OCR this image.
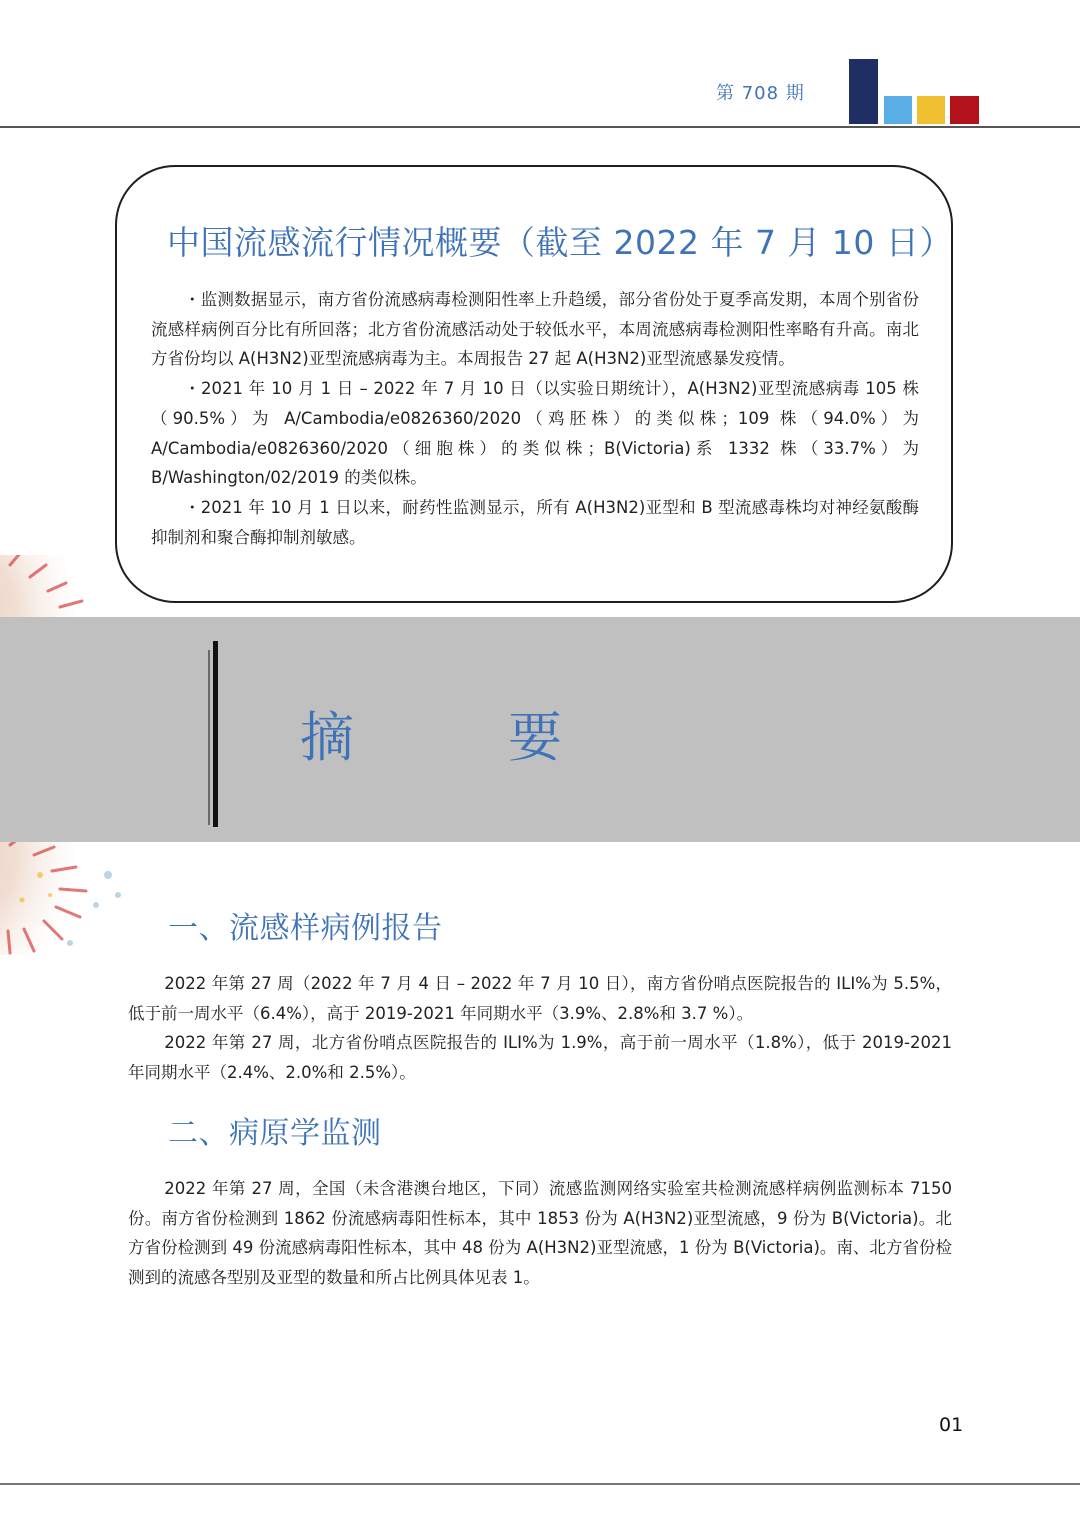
第 708 期
中国流感流行情况概要（截至 2022 年 7 月 10 日）

・监测数据显示，南方省份流感病毒检测阳性率上升趋缓，部分省份处于夏季高发期，本周个别省份流感样病例百分比有所回落；北方省份流感活动处于较低水平，本周流感病毒检测阳性率略有升高。南北方省份均以 A(H3N2)亚型流感病毒为主。本周报告 27 起 A(H3N2)亚型流感暴发疫情。

・2021 年 10 月 1 日 – 2022 年 7 月 10 日（以实验日期统计），A(H3N2)亚型流感病毒 105 株（90.5%）为 A/Cambodia/e0826360/2020（鸡胚株）的类似株；109 株（94.0%）为 A/Cambodia/e0826360/2020（细胞株）的类似株；B(Victoria)系 1332 株（33.7%）为 B/Washington/02/2019 的类似株。

・2021 年 10 月 1 日以来，耐药性监测显示，所有 A(H3N2)亚型和 B 型流感毒株均对神经氨酸酶抑制剂和聚合酶抑制剂敏感。

摘　要
一、流感样病例报告

2022 年第 27 周（2022 年 7 月 4 日 – 2022 年 7 月 10 日），南方省份哨点医院报告的 ILI%为 5.5%，低于前一周水平（6.4%），高于 2019-2021 年同期水平（3.9%、2.8%和 3.7 %）。

2022 年第 27 周，北方省份哨点医院报告的 ILI%为 1.9%，高于前一周水平（1.8%），低于 2019-2021 年同期水平（2.4%、2.0%和 2.5%）。

二、病原学监测

2022 年第 27 周，全国（未含港澳台地区，下同）流感监测网络实验室共检测流感样病例监测标本 7150 份。南方省份检测到 1862 份流感病毒阳性标本，其中 1853 份为 A(H3N2)亚型流感，9 份为 B(Victoria)。北方省份检测到 49 份流感病毒阳性标本，其中 48 份为 A(H3N2)亚型流感，1 份为 B(Victoria)。南、北方省份检测到的流感各型别及亚型的数量和所占比例具体见表 1。

01
